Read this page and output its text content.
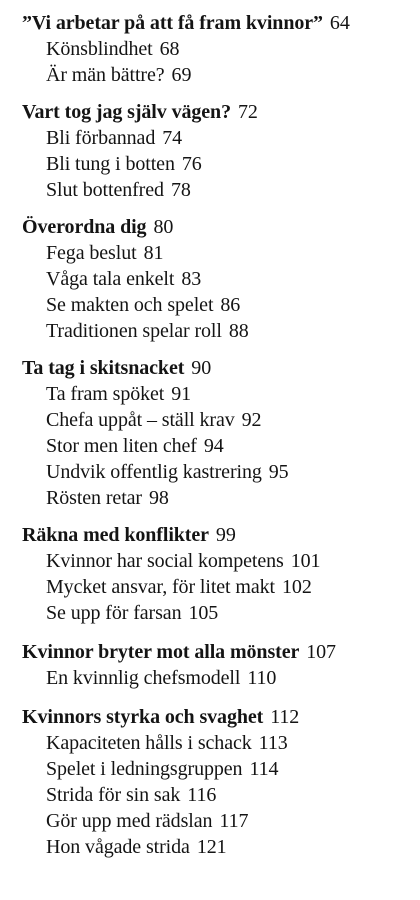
”Vi arbetar på att få fram kvinnor” 64
Könsblindhet 68
Är män bättre? 69
Vart tog jag själv vägen? 72
Bli förbannad 74
Bli tung i botten 76
Slut bottenfred 78
Överordna dig 80
Fega beslut 81
Våga tala enkelt 83
Se makten och spelet 86
Traditionen spelar roll 88
Ta tag i skitsnacket 90
Ta fram spöket 91
Chefa uppåt – ställ krav 92
Stor men liten chef 94
Undvik offentlig kastrering 95
Rösten retar 98
Räkna med konflikter 99
Kvinnor har social kompetens 101
Mycket ansvar, för litet makt 102
Se upp för farsan 105
Kvinnor bryter mot alla mönster 107
En kvinnlig chefsmodell 110
Kvinnors styrka och svaghet 112
Kapaciteten hålls i schack 113
Spelet i ledningsgruppen 114
Strida för sin sak 116
Gör upp med rädslan 117
Hon vågade strida 121
